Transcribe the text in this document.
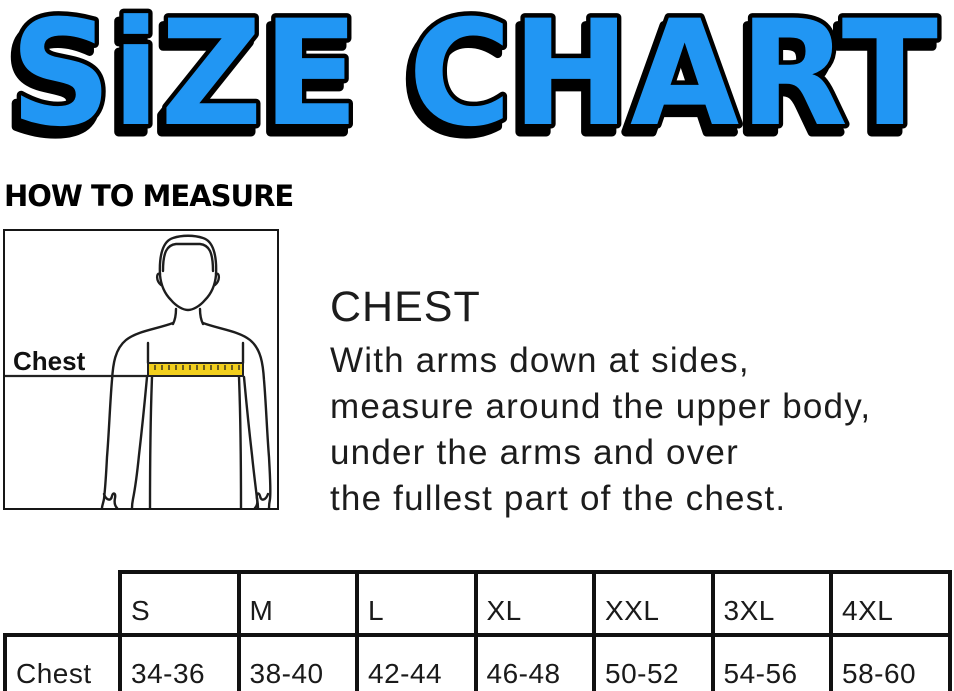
SiZE CHART
HOW TO MEASURE
Chest
CHEST
With arms down at sides,
measure around the upper body,
under the arms and over
the fullest part of the chest.
	S	M	L	XL	XXL	3XL	4XL
Chest	34-36	38-40	42-44	46-48	50-52	54-56	58-60
